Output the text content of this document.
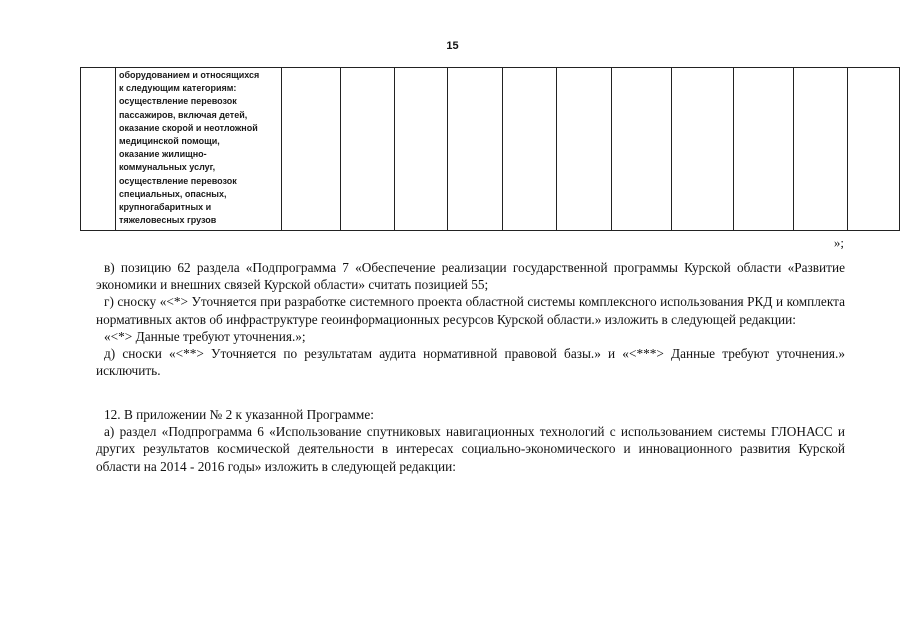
15
	оборудованием и относящихся
к следующим категориям:
осуществление перевозок
пассажиров, включая детей,
оказание скорой и неотложной
медицинской помощи,
оказание жилищно-
коммунальных услуг,
осуществление перевозок
специальных, опасных,
крупногабаритных и
тяжеловесных грузов											
»;

в) позицию 62 раздела «Подпрограмма 7 «Обеспечение реализации государственной программы Курской области «Развитие экономики и внешних связей Курской области» считать позицией 55;

г) сноску «<*> Уточняется при разработке системного проекта областной системы комплексного использования РКД и комплекта нормативных актов об инфраструктуре геоинформационных ресурсов Курской области.» изложить в следующей редакции:

«<*> Данные требуют уточнения.»;

д) сноски «<**> Уточняется по результатам аудита нормативной правовой базы.» и «<***> Данные требуют уточнения.» исключить.

12. В приложении № 2 к указанной Программе:

а) раздел «Подпрограмма 6 «Использование спутниковых навигационных технологий с использованием системы ГЛОНАСС и других результатов космической деятельности в интересах социально-экономического и инновационного развития Курской области на 2014 - 2016 годы» изложить в следующей редакции:
